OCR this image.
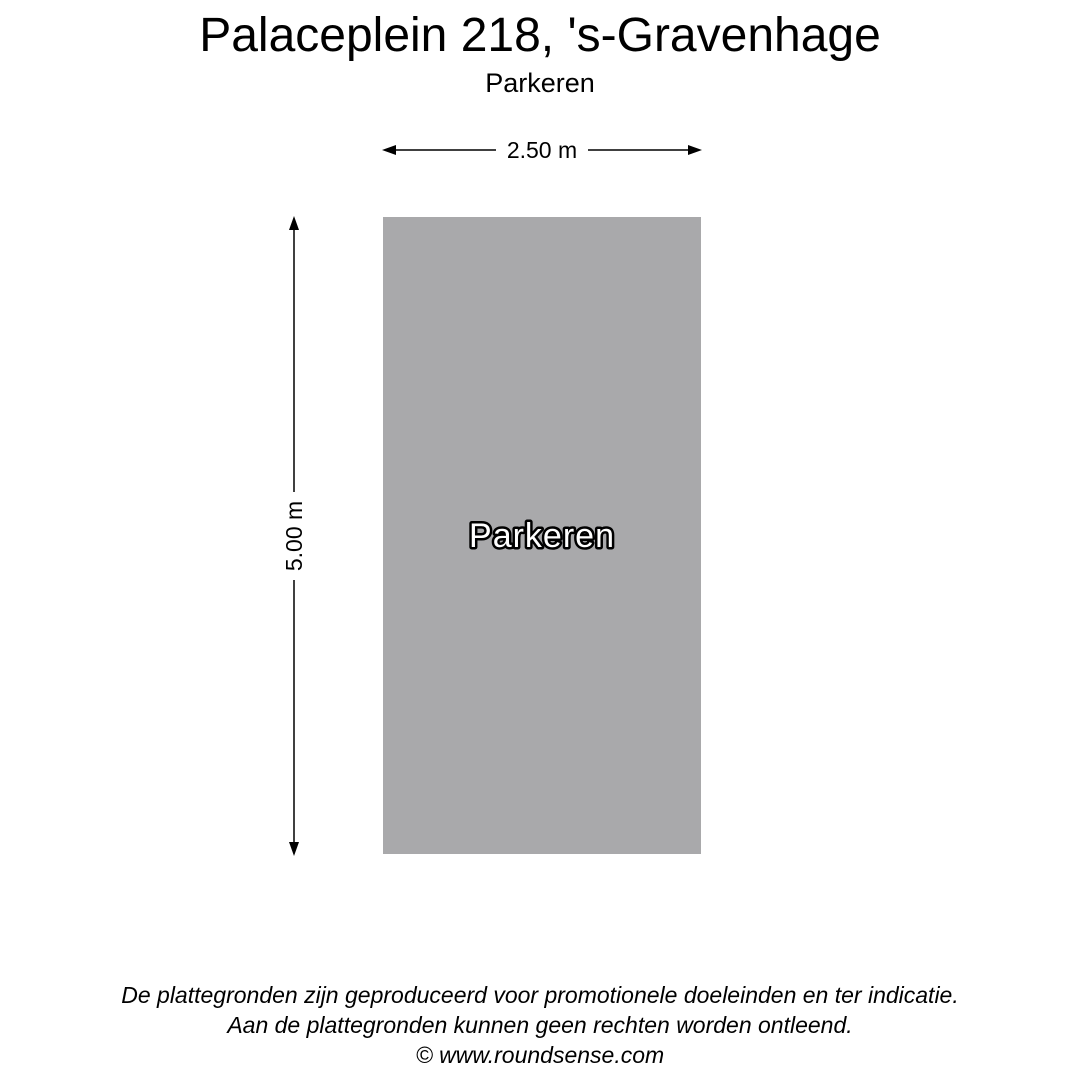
Palaceplein 218, 's-Gravenhage
Parkeren
Parkeren
2.50 m
5.00 m
De plattegronden zijn geproduceerd voor promotionele doeleinden en ter indicatie.
Aan de plattegronden kunnen geen rechten worden ontleend.
© www.roundsense.com
